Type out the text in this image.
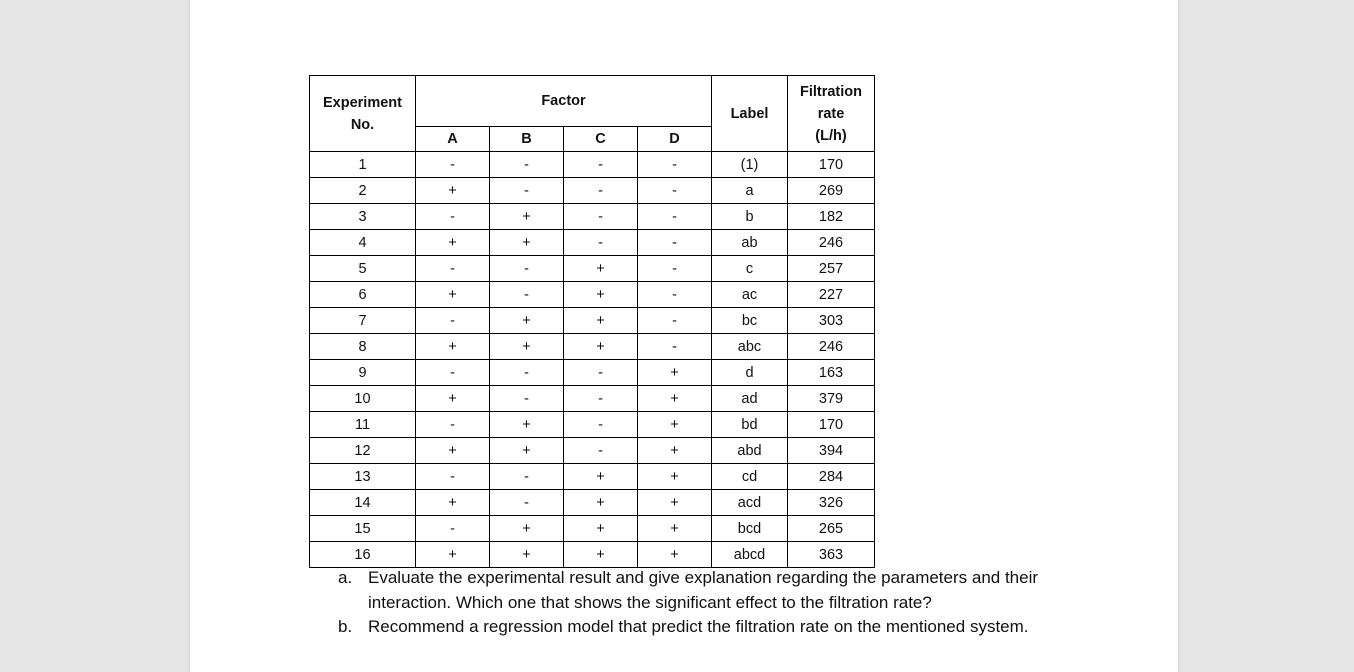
Experiment
No.	Factor				Label	Filtration
rate
(L/h)
	A	B	C	D		
1	-	-	-	-	(1)	170
2	+	-	-	-	a	269
3	-	+	-	-	b	182
4	+	+	-	-	ab	246
5	-	-	+	-	c	257
6	+	-	+	-	ac	227
7	-	+	+	-	bc	303
8	+	+	+	-	abc	246
9	-	-	-	+	d	163
10	+	-	-	+	ad	379
11	-	+	-	+	bd	170
12	+	+	-	+	abd	394
13	-	-	+	+	cd	284
14	+	-	+	+	acd	326
15	-	+	+	+	bcd	265
16	+	+	+	+	abcd	363
a. Evaluate the experimental result and give explanation regarding the parameters and their interaction. Which one that shows the significant effect to the filtration rate?
b. Recommend a regression model that predict the filtration rate on the mentioned system.
